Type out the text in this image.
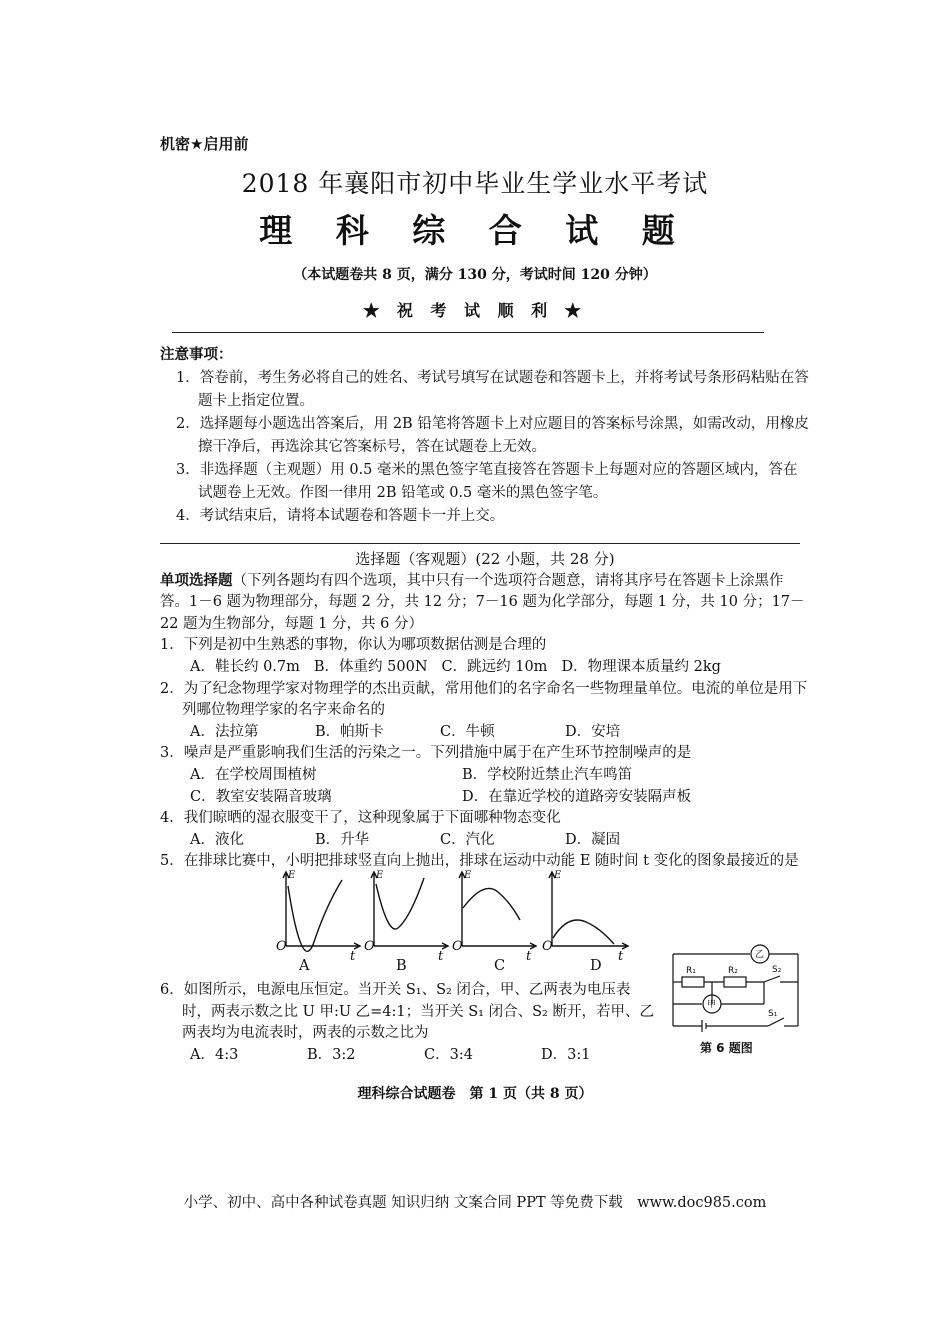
机密★启用前
2018 年襄阳市初中毕业生学业水平考试
理 科 综 合 试 题
（本试题卷共 8 页，满分 130 分，考试时间 120 分钟）
★ 祝 考 试 顺 利 ★
注意事项：
1．答卷前，考生务必将自己的姓名、考试号填写在试题卷和答题卡上，并将考试号条形码粘贴在答题卡上指定位置。
2．选择题每小题选出答案后，用 2B 铅笔将答题卡上对应题目的答案标号涂黑，如需改动，用橡皮擦干净后，再选涂其它答案标号，答在试题卷上无效。
3．非选择题（主观题）用 0.5 毫米的黑色签字笔直接答在答题卡上每题对应的答题区域内，答在试题卷上无效。作图一律用 2B 铅笔或 0.5 毫米的黑色签字笔。
4．考试结束后，请将本试题卷和答题卡一并上交。
选择题（客观题）(22 小题，共 28 分)
单项选择题（下列各题均有四个选项，其中只有一个选项符合题意，请将其序号在答题卡上涂黑作答。1－6 题为物理部分，每题 2 分，共 12 分；7－16 题为化学部分，每题 1 分，共 10 分；17－22 题为生物部分，每题 1 分，共 6 分）
1．下列是初中生熟悉的事物，你认为哪项数据估测是合理的
A．鞋长约 0.7m B．体重约 500N C．跳远约 10m D．物理课本质量约 2kg
2．为了纪念物理学家对物理学的杰出贡献，常用他们的名字命名一些物理量单位。电流的单位是用下列哪位物理学家的名字来命名的
A．法拉第	B．帕斯卡	C．牛顿	D．安培
3．噪声是严重影响我们生活的污染之一。下列措施中属于在产生环节控制噪声的是
A．在学校周围植树	B．学校附近禁止汽车鸣笛
C．教室安装隔音玻璃	D．在靠近学校的道路旁安装隔声板
4．我们晾晒的湿衣服变干了，这种现象属于下面哪种物态变化
A．液化	B．升华	C．汽化	D．凝固
5．在排球比赛中，小明把排球竖直向上抛出，排球在运动中动能 E 随时间 t 变化的图象最接近的是
E	E	E	E
O
t
O
t
O
t
O
t
A	B	C	D
6．如图所示，电源电压恒定。当开关 S₁、S₂ 闭合，甲、乙两表为电压表时，两表示数之比 U 甲:U 乙=4:1；当开关 S₁ 闭合、S₂ 断开，若甲、乙两表均为电流表时，两表的示数之比为
A．4:3	B．3:2	C．3:4	D．3:1
R₁	R₂	S₂
S₁
乙
甲
第 6 题图
理科综合试题卷　第 1 页（共 8 页）
小学、初中、高中各种试卷真题 知识归纳 文案合同 PPT 等免费下载　www.doc985.com
